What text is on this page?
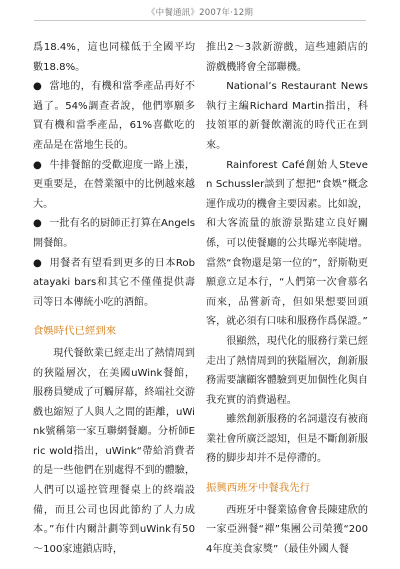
《中餐通訊》2007年·12期

爲18.4%，這也同樣低于全國平均數18.8%。

● 當地的，有機和當季產品再好不過了。54%調查者說，他們寧願多買有機和當季產品，61%喜歡吃的產品是在當地生長的。

● 牛排餐館的受歡迎度一路上漲，更重要是，在營業額中的比例越來越大。

● 一批有名的厨師正打算在Angels開餐館。

● 用餐者有望看到更多的日本Robatayaki bars和其它不僅僅提供壽司等日本傳統小吃的酒館。

食娛時代已經到來

現代餐飲業已經走出了熱情周到的狹隘層次，在美國uWink餐館，服務員變成了可觸屏幕，終端社交游戲也縮短了人與人之間的距離，uWink號稱第一家互聯網餐廳。分析師Eric wold指出，uWink“帶給消費者的是一些他們在别處得不到的體驗，人們可以遥控管理餐桌上的終端設備，而且公司也因此節約了人力成本。”布什内爾計劃等到uWink有50～100家連鎖店時，

推出2～3款新游戲，這些連鎖店的游戲機將會全部聯機。

National’s Restaurant News執行主編Richard Martin指出，科技領軍的新餐飲潮流的時代正在到來。

Rainforest Café創始人Steven Schussler談到了想把“食娛”概念運作成功的機會主要因素。比如說，和大客流量的旅游景點建立良好關係，可以使餐廳的公共曝光率陡增。當然“食物還是第一位的”，舒斯勒更願意立足本行，“人們第一次會慕名而來，品嘗新奇，但如果想要回頭客，就必須有口味和服務作爲保證。”

很顯然，現代化的服務行業已經走出了熱情周到的狹隘層次，創新服務需要讓顧客體驗到更加個性化與自我充實的消費過程。

雖然創新服務的名詞還沒有被商業社會所廣泛認知，但是不斷創新服務的脚步却并不是停滯的。

振興西班牙中餐我先行

西班牙中餐業協會會長陳建欣的一家亞洲餐“禪”集團公司榮獲“2004年度美食家獎”（最佳外國人餐
